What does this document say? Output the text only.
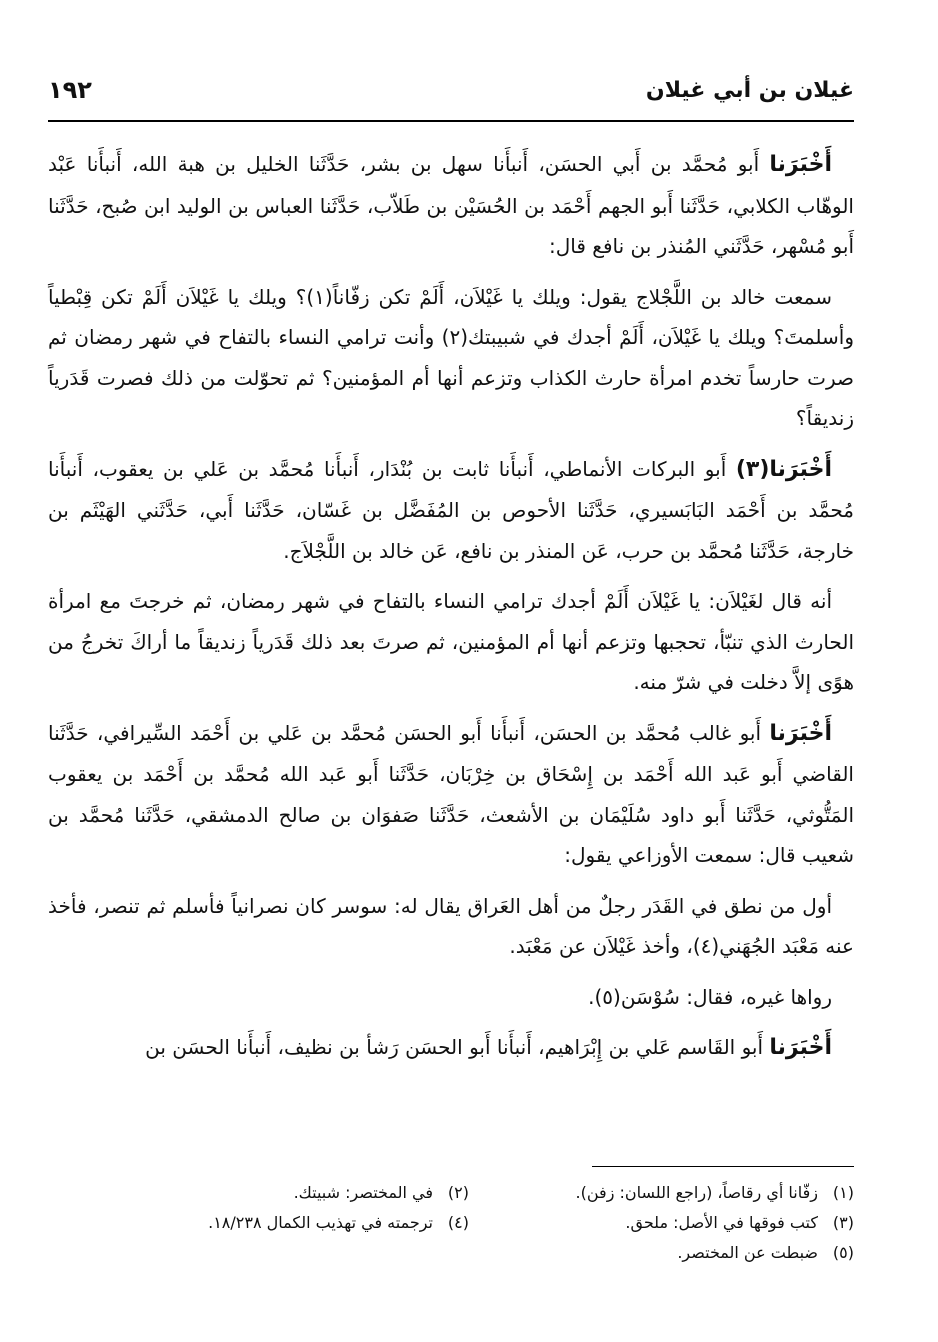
غيلان بن أبي غيلان
١٩٢

أَخْبَرَنا أَبو مُحمَّد بن أَبي الحسَن، أَنبأَنا سهل بن بشر، حَدَّثَنا الخليل بن هبة الله، أَنبأَنا عَبْد الوهّاب الكلابي، حَدَّثَنا أَبو الجهم أَحْمَد بن الحُسَيْن بن طَلاّب، حَدَّثَنا العباس بن الوليد ابن صُبح، حَدَّثَنا أَبو مُسْهر، حَدَّثَني المُنذر بن نافع قال:

سمعت خالد بن اللَّجْلاج يقول: ويلك يا غَيْلاَن، أَلَمْ تكن زفّاناً(١)؟ ويلك يا غَيْلاَن أَلَمْ تكن قِبْطياً وأسلمتَ؟ ويلك يا غَيْلاَن، أَلَمْ أجدك في شبيبتك(٢) وأنت ترامي النساء بالتفاح في شهر رمضان ثم صرت حارساً تخدم امرأة حارث الكذاب وتزعم أنها أم المؤمنين؟ ثم تحوّلت من ذلك فصرت قَدَرياً زنديقاً؟

أَخْبَرَنا(٣) أَبو البركات الأنماطي، أَنبأَنا ثابت بن بُنْدَار، أَنبأَنا مُحمَّد بن عَلي بن يعقوب، أَنبأَنا مُحمَّد بن أَحْمَد البَابَسيري، حَدَّثَنا الأحوص بن المُفَضَّل بن غَسّان، حَدَّثَنا أَبي، حَدَّثَني الهَيْثَم بن خارجة، حَدَّثَنا مُحمَّد بن حرب، عَن المنذر بن نافع، عَن خالد بن اللَّجْلاَج.

أنه قال لغَيْلاَن: يا غَيْلاَن أَلَمْ أجدك ترامي النساء بالتفاح في شهر رمضان، ثم خرجتَ مع امرأة الحارث الذي تنبّأ، تحجبها وتزعم أنها أم المؤمنين، ثم صرتَ بعد ذلك قَدَرياً زنديقاً ما أراكَ تخرجُ من هوًى إلاَّ دخلت في شرّ منه.

أَخْبَرَنا أَبو غالب مُحمَّد بن الحسَن، أَنبأَنا أَبو الحسَن مُحمَّد بن عَلي بن أَحْمَد السِّيرافي، حَدَّثَنا القاضي أَبو عَبد الله أَحْمَد بن إِسْحَاق بن خِرْبَان، حَدَّثَنا أَبو عَبد الله مُحمَّد بن أَحْمَد بن يعقوب المَتُّوثي، حَدَّثَنا أَبو داود سُلَيْمَان بن الأشعث، حَدَّثَنا صَفوَان بن صالح الدمشقي، حَدَّثَنا مُحمَّد بن شعيب قال: سمعت الأوزاعي يقول:

أول من نطق في القَدَر رجلٌ من أهل العَراق يقال له: سوسر كان نصرانياً فأسلم ثم تنصر، فأخذ عنه مَعْبَد الجُهَني(٤)، وأخذ غَيْلاَن عن مَعْبَد.

رواها غيره، فقال: سُوْسَن(٥).

أَخْبَرَنا أَبو القَاسم عَلي بن إِبْرَاهيم، أَنبأَنا أَبو الحسَن رَشأ بن نظيف، أَنبأَنا الحسَن بن

(١)زفّانا أي رقاصاً، (راجع اللسان: زفن).
(٢)في المختصر: شبيتك.
(٣)كتب فوقها في الأصل: ملحق.
(٤)ترجمته في تهذيب الكمال ١٨/٢٣٨.
(٥)ضبطت عن المختصر.
